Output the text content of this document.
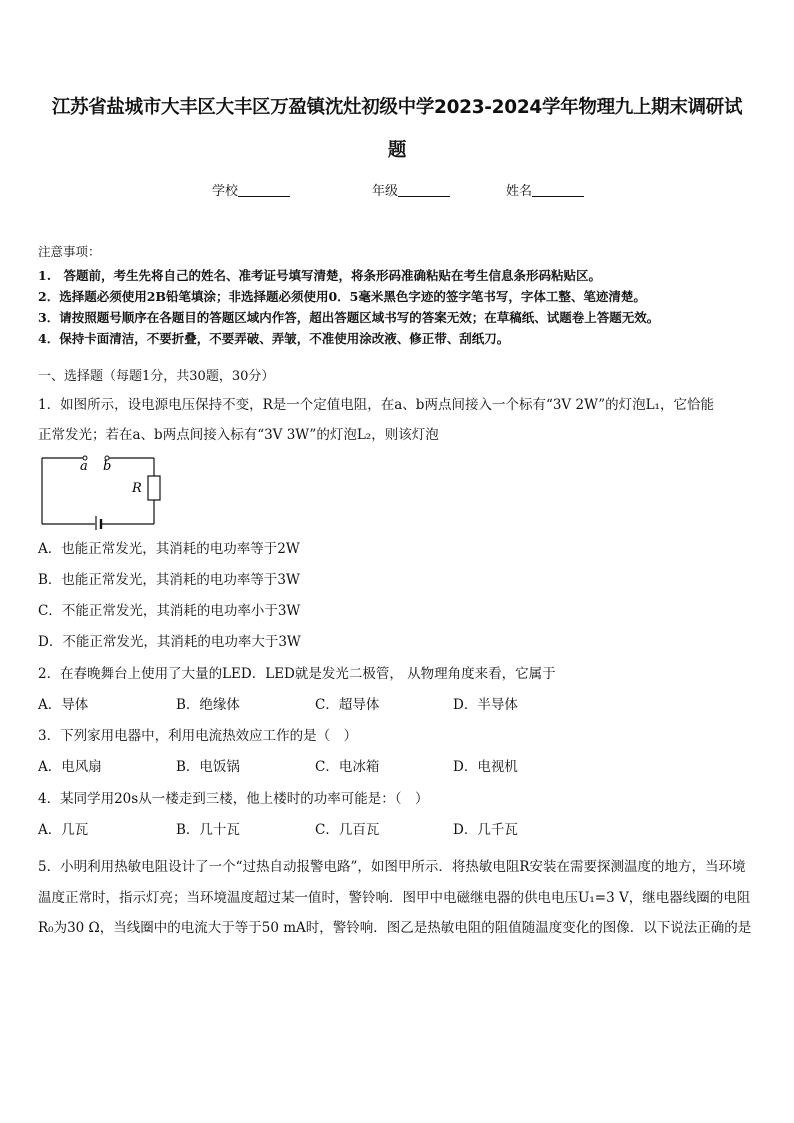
江苏省盐城市大丰区大丰区万盈镇沈灶初级中学2023-2024学年物理九上期末调研试
题
学校	年级	姓名
注意事项：
1.　答题前，考生先将自己的姓名、准考证号填写清楚，将条形码准确粘贴在考生信息条形码粘贴区。
2．选择题必须使用2B铅笔填涂；非选择题必须使用0．5毫米黑色字迹的签字笔书写，字体工整、笔迹清楚。
3．请按照题号顺序在各题目的答题区域内作答，超出答题区域书写的答案无效；在草稿纸、试题卷上答题无效。
4．保持卡面清洁，不要折叠，不要弄破、弄皱，不准使用涂改液、修正带、刮纸刀。
一、选择题（每题1分，共30题，30分）
1．如图所示，设电源电压保持不变，R是一个定值电阻，在a、b两点间接入一个标有“3V 2W”的灯泡L₁，它恰能
正常发光；若在a、b两点间接入标有“3V 3W”的灯泡L₂，则该灯泡
a b
R
A．也能正常发光，其消耗的电功率等于2W
B．也能正常发光，其消耗的电功率等于3W
C．不能正常发光，其消耗的电功率小于3W
D．不能正常发光，其消耗的电功率大于3W
2．在春晚舞台上使用了大量的LED．LED就是发光二极管， 从物理角度来看，它属于
A．导体	B．绝缘体	C．超导体	D．半导体
3．下列家用电器中，利用电流热效应工作的是（　）
A．电风扇	B．电饭锅	C．电冰箱	D．电视机
4．某同学用20s从一楼走到三楼，他上楼时的功率可能是：（　）
A．几瓦	B．几十瓦	C．几百瓦	D．几千瓦
5．小明利用热敏电阻设计了一个“过热自动报警电路”，如图甲所示．将热敏电阻R安装在需要探测温度的地方，当环境温度正常时，指示灯亮；当环境温度超过某一值时，警铃响．图甲中电磁继电器的供电电压U₁=3 V，继电器线圈的电阻R₀为30 Ω，当线圈中的电流大于等于50 mA时，警铃响．图乙是热敏电阻的阻值随温度变化的图像．以下说法正确的是
